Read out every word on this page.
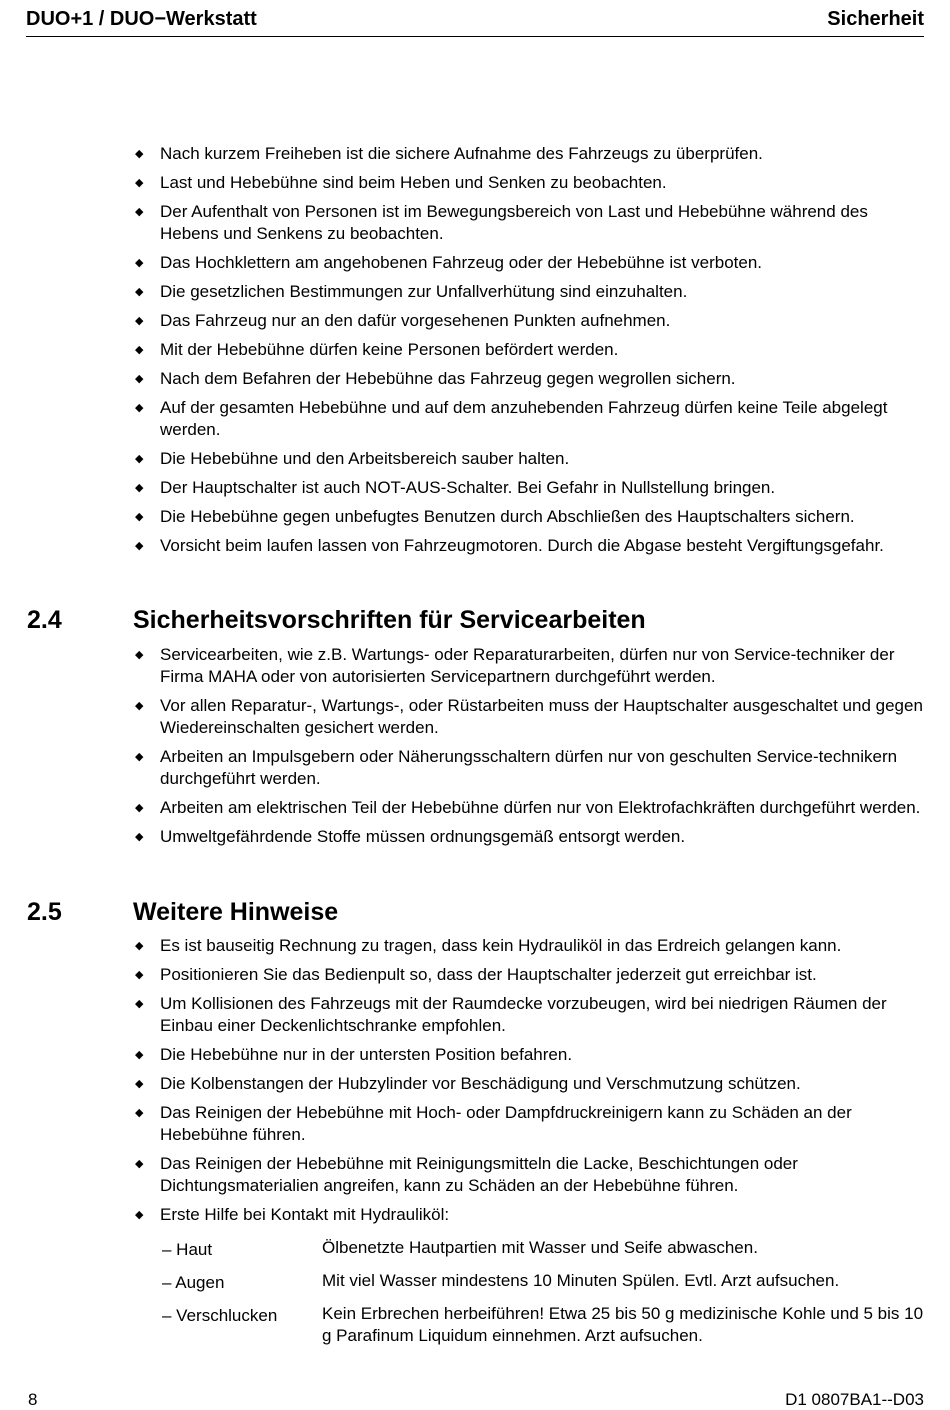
DUO+1 / DUO−Werkstatt	Sicherheit
◆ Nach kurzem Freiheben ist die sichere Aufnahme des Fahrzeugs zu überprüfen.
◆ Last und Hebebühne sind beim Heben und Senken zu beobachten.
◆ Der Aufenthalt von Personen ist im Bewegungsbereich von Last und Hebebühne während des Hebens und Senkens zu beobachten.
◆ Das Hochklettern am angehobenen Fahrzeug oder der Hebebühne ist verboten.
◆ Die gesetzlichen Bestimmungen zur Unfallverhütung sind einzuhalten.
◆ Das Fahrzeug nur an den dafür vorgesehenen Punkten aufnehmen.
◆ Mit der Hebebühne dürfen keine Personen befördert werden.
◆ Nach dem Befahren der Hebebühne das Fahrzeug gegen wegrollen sichern.
◆ Auf der gesamten Hebebühne und auf dem anzuhebenden Fahrzeug dürfen keine Teile abgelegt werden.
◆ Die Hebebühne und den Arbeitsbereich sauber halten.
◆ Der Hauptschalter ist auch NOT-AUS-Schalter. Bei Gefahr in Nullstellung bringen.
◆ Die Hebebühne gegen unbefugtes Benutzen durch Abschließen des Hauptschalters sichern.
◆ Vorsicht beim laufen lassen von Fahrzeugmotoren. Durch die Abgase besteht Vergiftungsgefahr.
2.4	Sicherheitsvorschriften für Servicearbeiten
◆ Servicearbeiten, wie z.B. Wartungs- oder Reparaturarbeiten, dürfen nur von Service-techniker der Firma MAHA oder von autorisierten Servicepartnern durchgeführt werden.
◆ Vor allen Reparatur-, Wartungs-, oder Rüstarbeiten muss der Hauptschalter ausgeschaltet und gegen Wiedereinschalten gesichert werden.
◆ Arbeiten an Impulsgebern oder Näherungsschaltern dürfen nur von geschulten Service-technikern durchgeführt werden.
◆ Arbeiten am elektrischen Teil der Hebebühne dürfen nur von Elektrofachkräften durchgeführt werden.
◆ Umweltgefährdende Stoffe müssen ordnungsgemäß entsorgt werden.
2.5	Weitere Hinweise
◆ Es ist bauseitig Rechnung zu tragen, dass kein Hydrauliköl in das Erdreich gelangen kann.
◆ Positionieren Sie das Bedienpult so, dass der Hauptschalter jederzeit gut erreichbar ist.
◆ Um Kollisionen des Fahrzeugs mit der Raumdecke vorzubeugen, wird bei niedrigen Räumen der Einbau einer Deckenlichtschranke empfohlen.
◆ Die Hebebühne nur in der untersten Position befahren.
◆ Die Kolbenstangen der Hubzylinder vor Beschädigung und Verschmutzung schützen.
◆ Das Reinigen der Hebebühne mit Hoch- oder Dampfdruckreinigern kann zu Schäden an der Hebebühne führen.
◆ Das Reinigen der Hebebühne mit Reinigungsmitteln die Lacke, Beschichtungen oder Dichtungsmaterialien angreifen, kann zu Schäden an der Hebebühne führen.
◆ Erste Hilfe bei Kontakt mit Hydrauliköl:
– Haut	Ölbenetzte Hautpartien mit Wasser und Seife abwaschen.
– Augen	Mit viel Wasser mindestens 10 Minuten Spülen. Evtl. Arzt aufsuchen.
– Verschlucken	Kein Erbrechen herbeiführen! Etwa 25 bis 50 g medizinische Kohle und 5 bis 10 g Parafinum Liquidum einnehmen. Arzt aufsuchen.
8	D1 0807BA1--D03
